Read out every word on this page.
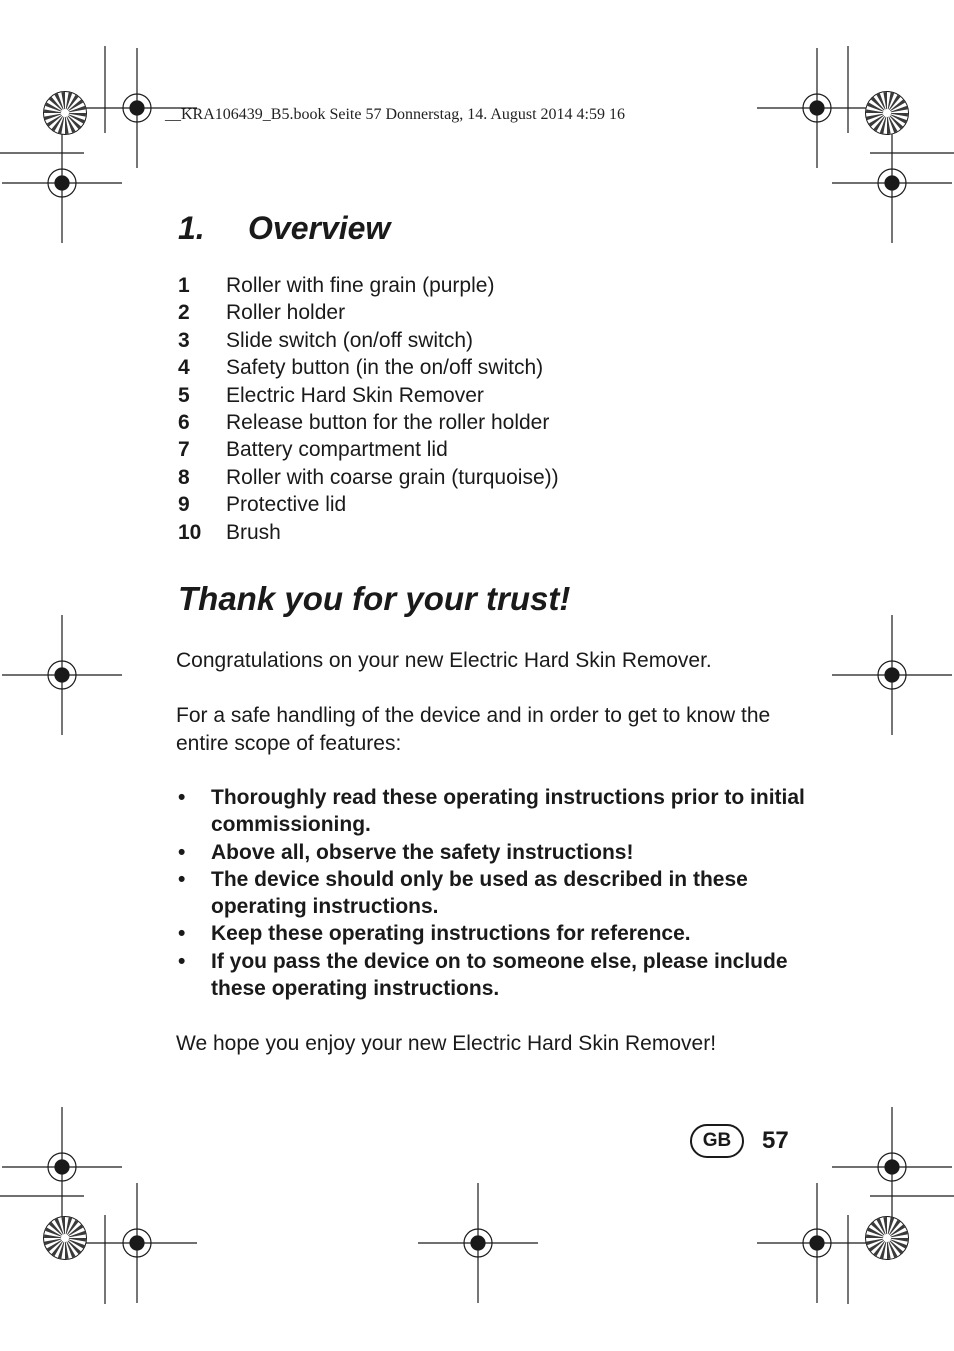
__KRA106439_B5.book Seite 57 Donnerstag, 14. August 2014 4:59 16
1. Overview
1 Roller with fine grain (purple)
2 Roller holder
3 Slide switch (on/off switch)
4 Safety button (in the on/off switch)
5 Electric Hard Skin Remover
6 Release button for the roller holder
7 Battery compartment lid
8 Roller with coarse grain (turquoise))
9 Protective lid
10 Brush
Thank you for your trust!

Congratulations on your new Electric Hard Skin Remover.

For a safe handling of the device and in order to get to know the entire scope of features:

• Thoroughly read these operating instructions prior to initial commissioning.
• Above all, observe the safety instructions!
• The device should only be used as described in these operating instructions.
• Keep these operating instructions for reference.
• If you pass the device on to someone else, please include these operating instructions.

We hope you enjoy your new Electric Hard Skin Remover!

GB	57
